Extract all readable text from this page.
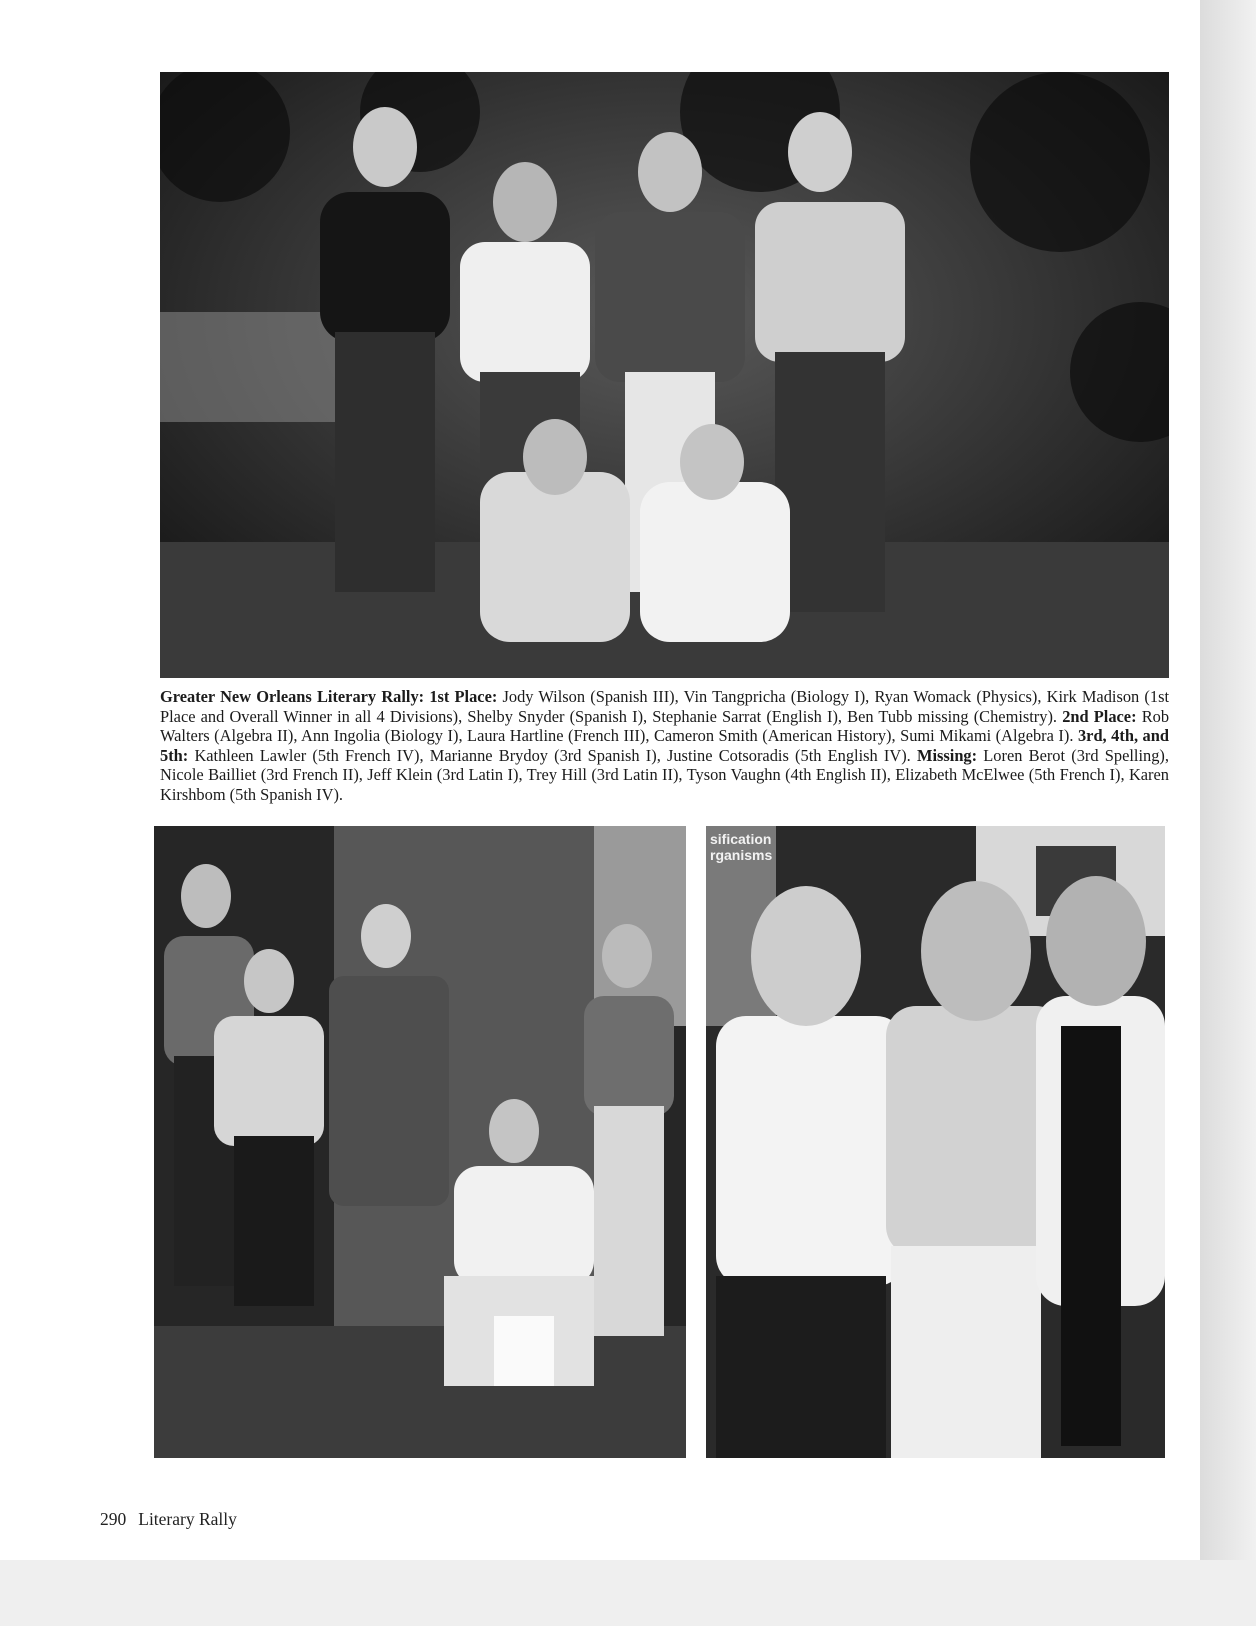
Greater New Orleans Literary Rally: 1st Place: Jody Wilson (Spanish III), Vin Tangpricha (Biology I), Ryan Womack (Physics), Kirk Madison (1st Place and Overall Winner in all 4 Divisions), Shelby Snyder (Spanish I), Stephanie Sarrat (English I), Ben Tubb missing (Chemistry). 2nd Place: Rob Walters (Algebra II), Ann Ingolia (Biology I), Laura Hartline (French III), Cameron Smith (American History), Sumi Mikami (Algebra I). 3rd, 4th, and 5th: Kathleen Lawler (5th French IV), Marianne Brydoy (3rd Spanish I), Justine Cotsoradis (5th English IV). Missing: Loren Berot (3rd Spelling), Nicole Bailliet (3rd French II), Jeff Klein (3rd Latin I), Trey Hill (3rd Latin II), Tyson Vaughn (4th English II), Elizabeth McElwee (5th French I), Karen Kirshbom (5th Spanish IV).
sification
rganisms
290 Literary Rally
